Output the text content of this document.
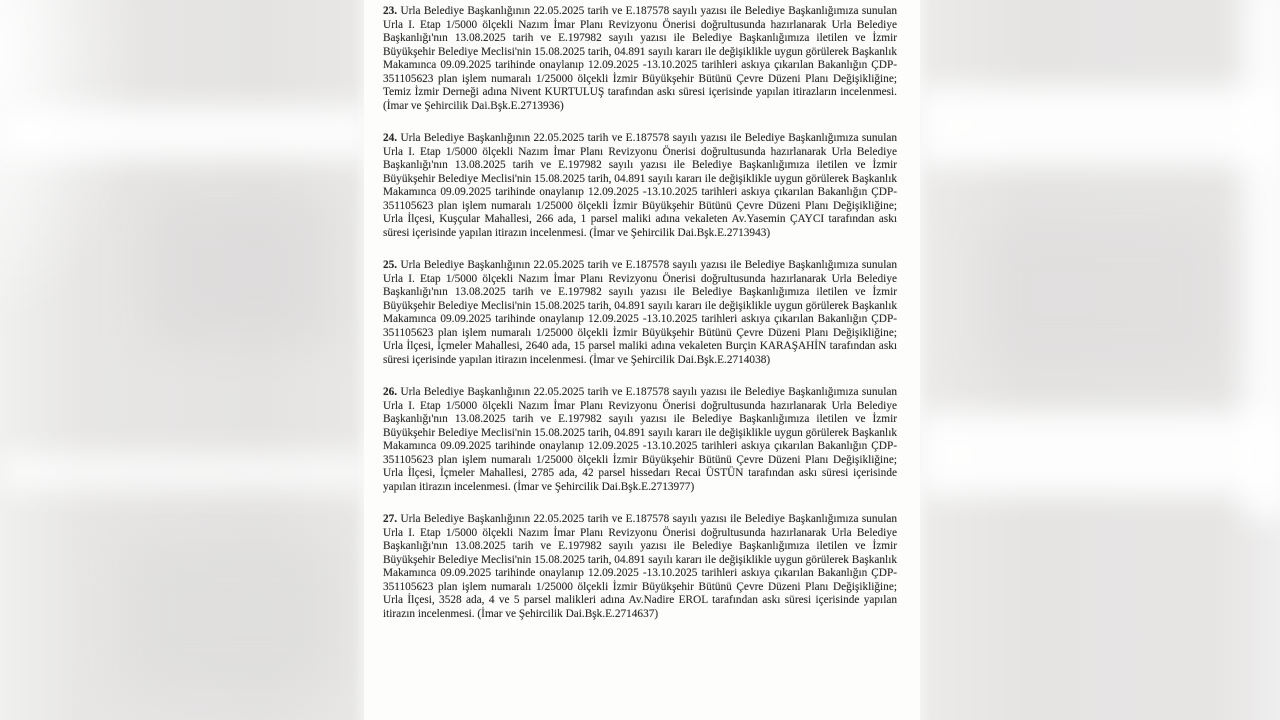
23. Urla Belediye Başkanlığının 22.05.2025 tarih ve E.187578 sayılı yazısı ile Belediye Başkanlığımıza sunulan Urla I. Etap 1/5000 ölçekli Nazım İmar Planı Revizyonu Önerisi doğrultusunda hazırlanarak Urla Belediye Başkanlığı'nın 13.08.2025 tarih ve E.197982 sayılı yazısı ile Belediye Başkanlığımıza iletilen ve İzmir Büyükşehir Belediye Meclisi'nin 15.08.2025 tarih, 04.891 sayılı kararı ile değişiklikle uygun görülerek Başkanlık Makamınca 09.09.2025 tarihinde onaylanıp 12.09.2025 -13.10.2025 tarihleri askıya çıkarılan Bakanlığın ÇDP-351105623 plan işlem numaralı 1/25000 ölçekli İzmir Büyükşehir Bütünü Çevre Düzeni Planı Değişikliğine; Temiz İzmir Derneği adına Nivent KURTULUŞ tarafından askı süresi içerisinde yapılan itirazların incelenmesi. (İmar ve Şehircilik Dai.Bşk.E.2713936)

24. Urla Belediye Başkanlığının 22.05.2025 tarih ve E.187578 sayılı yazısı ile Belediye Başkanlığımıza sunulan Urla I. Etap 1/5000 ölçekli Nazım İmar Planı Revizyonu Önerisi doğrultusunda hazırlanarak Urla Belediye Başkanlığı'nın 13.08.2025 tarih ve E.197982 sayılı yazısı ile Belediye Başkanlığımıza iletilen ve İzmir Büyükşehir Belediye Meclisi'nin 15.08.2025 tarih, 04.891 sayılı kararı ile değişiklikle uygun görülerek Başkanlık Makamınca 09.09.2025 tarihinde onaylanıp 12.09.2025 -13.10.2025 tarihleri askıya çıkarılan Bakanlığın ÇDP-351105623 plan işlem numaralı 1/25000 ölçekli İzmir Büyükşehir Bütünü Çevre Düzeni Planı Değişikliğine; Urla İlçesi, Kuşçular Mahallesi, 266 ada, 1 parsel maliki adına vekaleten Av.Yasemin ÇAYCI tarafından askı süresi içerisinde yapılan itirazın incelenmesi. (İmar ve Şehircilik Dai.Bşk.E.2713943)

25. Urla Belediye Başkanlığının 22.05.2025 tarih ve E.187578 sayılı yazısı ile Belediye Başkanlığımıza sunulan Urla I. Etap 1/5000 ölçekli Nazım İmar Planı Revizyonu Önerisi doğrultusunda hazırlanarak Urla Belediye Başkanlığı'nın 13.08.2025 tarih ve E.197982 sayılı yazısı ile Belediye Başkanlığımıza iletilen ve İzmir Büyükşehir Belediye Meclisi'nin 15.08.2025 tarih, 04.891 sayılı kararı ile değişiklikle uygun görülerek Başkanlık Makamınca 09.09.2025 tarihinde onaylanıp 12.09.2025 -13.10.2025 tarihleri askıya çıkarılan Bakanlığın ÇDP-351105623 plan işlem numaralı 1/25000 ölçekli İzmir Büyükşehir Bütünü Çevre Düzeni Planı Değişikliğine; Urla İlçesi, İçmeler Mahallesi, 2640 ada, 15 parsel maliki adına vekaleten Burçin KARAŞAHİN tarafından askı süresi içerisinde yapılan itirazın incelenmesi. (İmar ve Şehircilik Dai.Bşk.E.2714038)

26. Urla Belediye Başkanlığının 22.05.2025 tarih ve E.187578 sayılı yazısı ile Belediye Başkanlığımıza sunulan Urla I. Etap 1/5000 ölçekli Nazım İmar Planı Revizyonu Önerisi doğrultusunda hazırlanarak Urla Belediye Başkanlığı'nın 13.08.2025 tarih ve E.197982 sayılı yazısı ile Belediye Başkanlığımıza iletilen ve İzmir Büyükşehir Belediye Meclisi'nin 15.08.2025 tarih, 04.891 sayılı kararı ile değişiklikle uygun görülerek Başkanlık Makamınca 09.09.2025 tarihinde onaylanıp 12.09.2025 -13.10.2025 tarihleri askıya çıkarılan Bakanlığın ÇDP-351105623 plan işlem numaralı 1/25000 ölçekli İzmir Büyükşehir Bütünü Çevre Düzeni Planı Değişikliğine; Urla İlçesi, İçmeler Mahallesi, 2785 ada, 42 parsel hissedarı Recai ÜSTÜN tarafından askı süresi içerisinde yapılan itirazın incelenmesi. (İmar ve Şehircilik Dai.Bşk.E.2713977)

27. Urla Belediye Başkanlığının 22.05.2025 tarih ve E.187578 sayılı yazısı ile Belediye Başkanlığımıza sunulan Urla I. Etap 1/5000 ölçekli Nazım İmar Planı Revizyonu Önerisi doğrultusunda hazırlanarak Urla Belediye Başkanlığı'nın 13.08.2025 tarih ve E.197982 sayılı yazısı ile Belediye Başkanlığımıza iletilen ve İzmir Büyükşehir Belediye Meclisi'nin 15.08.2025 tarih, 04.891 sayılı kararı ile değişiklikle uygun görülerek Başkanlık Makamınca 09.09.2025 tarihinde onaylanıp 12.09.2025 -13.10.2025 tarihleri askıya çıkarılan Bakanlığın ÇDP-351105623 plan işlem numaralı 1/25000 ölçekli İzmir Büyükşehir Bütünü Çevre Düzeni Planı Değişikliğine; Urla İlçesi, 3528 ada, 4 ve 5 parsel malikleri adına Av.Nadire EROL tarafından askı süresi içerisinde yapılan itirazın incelenmesi. (İmar ve Şehircilik Dai.Bşk.E.2714637)
